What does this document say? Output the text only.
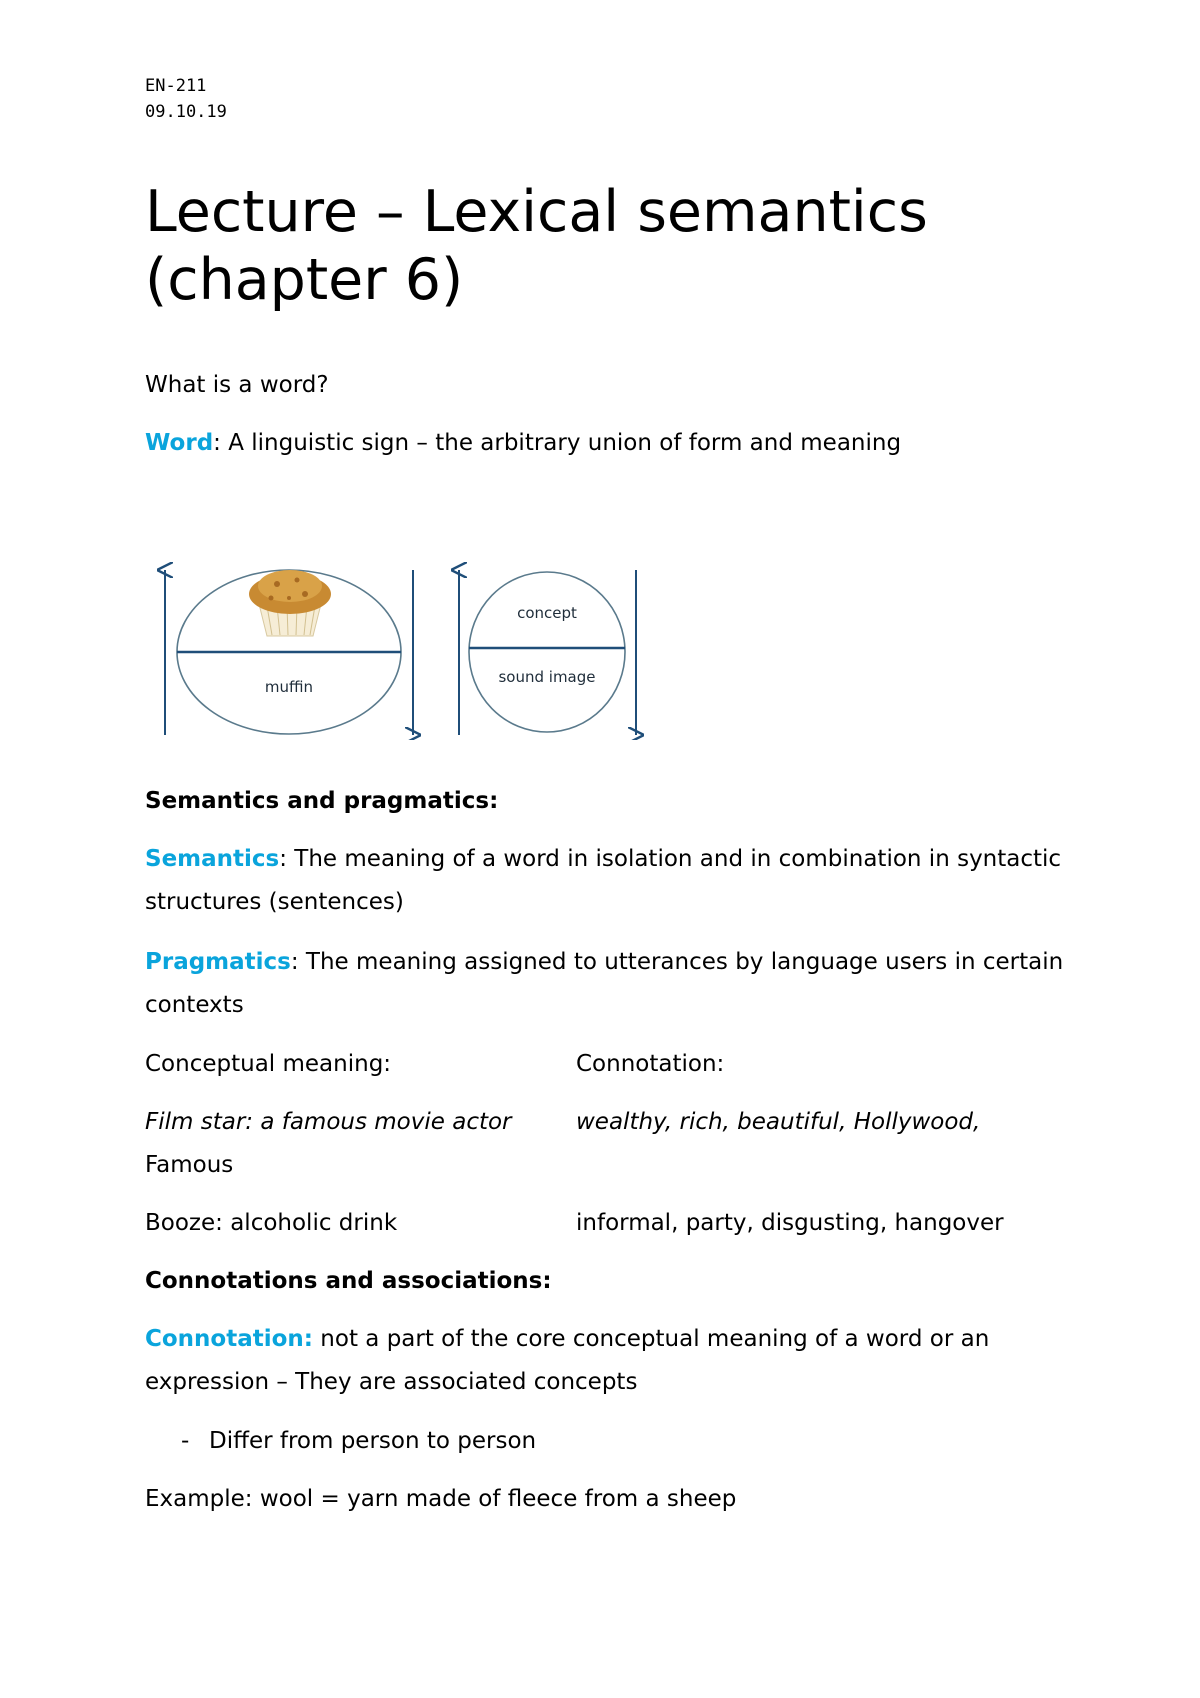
EN-211
09.10.19
Lecture – Lexical semantics (chapter 6)

What is a word?

Word: A linguistic sign – the arbitrary union of form and meaning

muffin
concept
sound image

Semantics and pragmatics:

Semantics: The meaning of a word in isolation and in combination in syntactic structures (sentences)

Pragmatics: The meaning assigned to utterances by language users in certain contexts

Conceptual meaning:	Connotation:

Film star: a famous movie actor	wealthy, rich, beautiful, Hollywood,

Famous

Booze: alcoholic drink	informal, party, disgusting, hangover

Connotations and associations:

Connotation: not a part of the core conceptual meaning of a word or an expression – They are associated concepts

- Differ from person to person

Example: wool = yarn made of fleece from a sheep
